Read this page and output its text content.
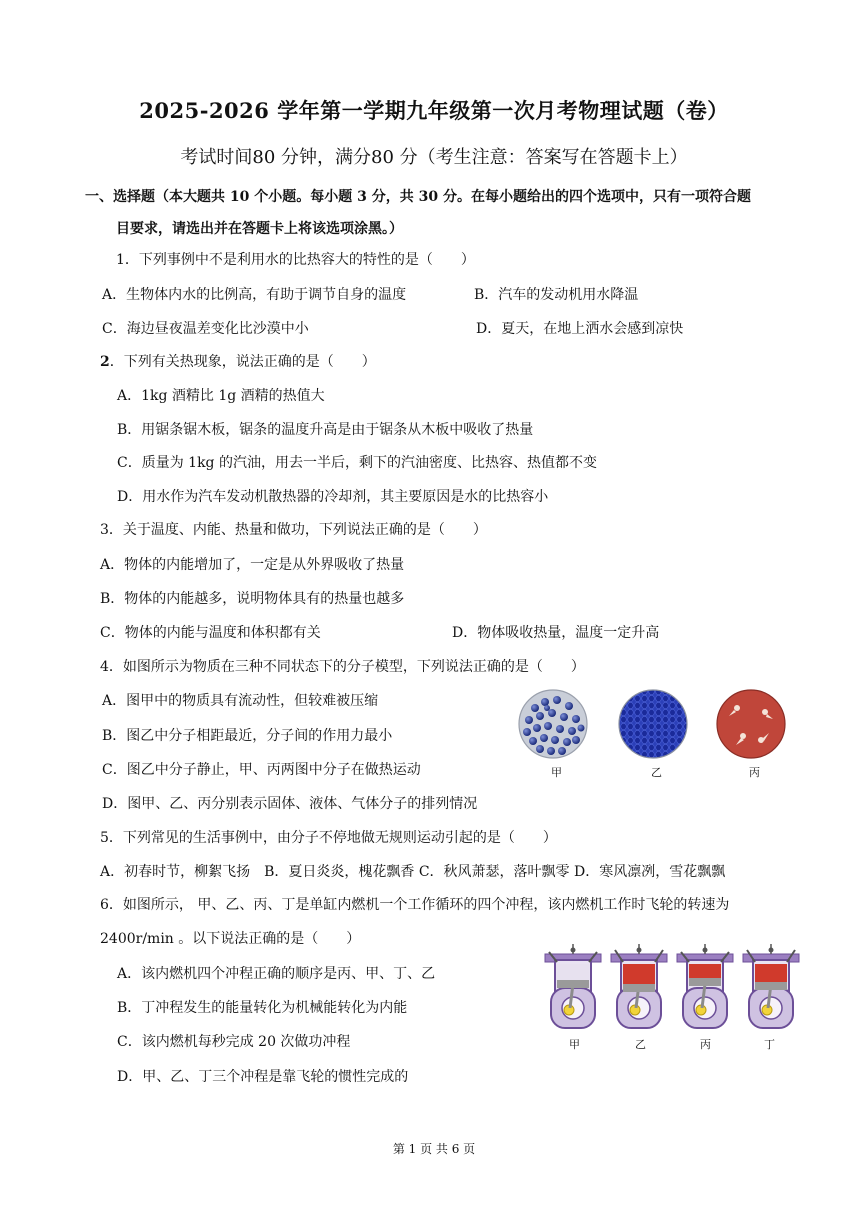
2025-2026 学年第一学期九年级第一次月考物理试题（卷）
考试时间80 分钟，满分80 分（考生注意：答案写在答题卡上）
一、选择题（本大题共 10 个小题。每小题 3 分，共 30 分。在每小题给出的四个选项中，只有一项符合题
目要求，请选出并在答题卡上将该选项涂黑。）
1．下列事例中不是利用水的比热容大的特性的是（　　）
A．生物体内水的比例高，有助于调节自身的温度	B．汽车的发动机用水降温
C．海边昼夜温差变化比沙漠中小	D．夏天，在地上洒水会感到凉快
2．下列有关热现象，说法正确的是（　　）
A．1kg 酒精比 1g 酒精的热值大
B．用锯条锯木板，锯条的温度升高是由于锯条从木板中吸收了热量
C．质量为 1kg 的汽油，用去一半后，剩下的汽油密度、比热容、热值都不变
D．用水作为汽车发动机散热器的冷却剂，其主要原因是水的比热容小
3．关于温度、内能、热量和做功，下列说法正确的是（　　）
A．物体的内能增加了，一定是从外界吸收了热量
B．物体的内能越多，说明物体具有的热量也越多
C．物体的内能与温度和体积都有关	D．物体吸收热量，温度一定升高
4．如图所示为物质在三种不同状态下的分子模型，下列说法正确的是（　　）
A．图甲中的物质具有流动性，但较难被压缩
B．图乙中分子相距最近，分子间的作用力最小
C．图乙中分子静止，甲、丙两图中分子在做热运动
D．图甲、乙、丙分别表示固体、液体、气体分子的排列情况
甲	乙	丙
5．下列常见的生活事例中，由分子不停地做无规则运动引起的是（　　）
A．初春时节，柳絮飞扬　B．夏日炎炎，槐花飘香 C．秋风萧瑟，落叶飘零 D．寒风凛冽，雪花飘飘
6．如图所示， 甲、乙、丙、丁是单缸内燃机一个工作循环的四个冲程，该内燃机工作时飞轮的转速为
2400r/min 。以下说法正确的是（　　）
A．该内燃机四个冲程正确的顺序是丙、甲、丁、乙
B．丁冲程发生的能量转化为机械能转化为内能
C．该内燃机每秒完成 20 次做功冲程
D．甲、乙、丁三个冲程是靠飞轮的惯性完成的
甲	乙	丙	丁
第 1 页 共 6 页
